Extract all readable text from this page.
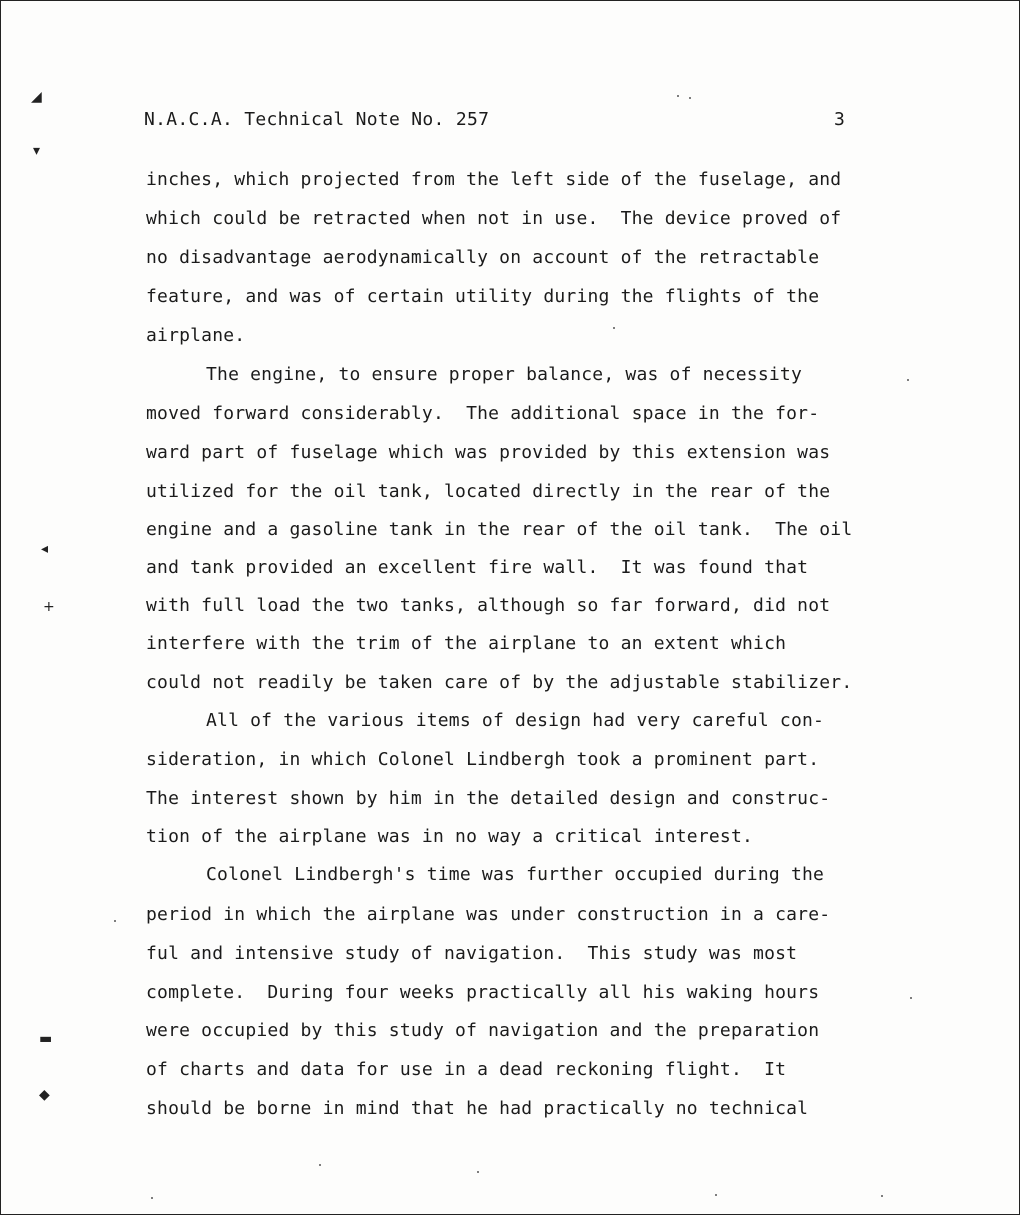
N.A.C.A. Technical Note No. 257	3
inches, which projected from the left side of the fuselage, and
which could be retracted when not in use.  The device proved of
no disadvantage aerodynamically on account of the retractable
feature, and was of certain utility during the flights of the
airplane.
The engine, to ensure proper balance, was of necessity
moved forward considerably.  The additional space in the for-
ward part of fuselage which was provided by this extension was
utilized for the oil tank, located directly in the rear of the
engine and a gasoline tank in the rear of the oil tank.  The oil
and tank provided an excellent fire wall.  It was found that
with full load the two tanks, although so far forward, did not
interfere with the trim of the airplane to an extent which
could not readily be taken care of by the adjustable stabilizer.
All of the various items of design had very careful con-
sideration, in which Colonel Lindbergh took a prominent part.
The interest shown by him in the detailed design and construc-
tion of the airplane was in no way a critical interest.
Colonel Lindbergh's time was further occupied during the
period in which the airplane was under construction in a care-
ful and intensive study of navigation.  This study was most
complete.  During four weeks practically all his waking hours
were occupied by this study of navigation and the preparation
of charts and data for use in a dead reckoning flight.  It
should be borne in mind that he had practically no technical
◢
▾
◂
+
▬
◆
